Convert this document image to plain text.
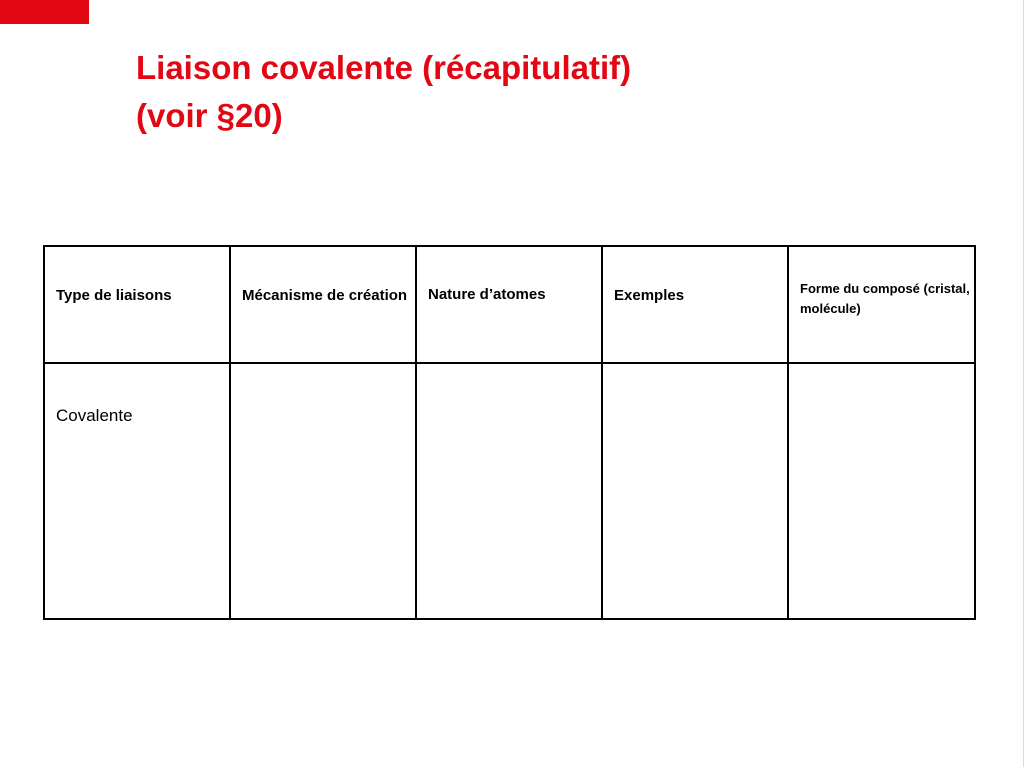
Liaison covalente (récapitulatif)
(voir §20)
Type de liaisons	Mécanisme de création	Nature d’atomes	Exemples	Forme du composé (cristal, molécule)

Covalente				
